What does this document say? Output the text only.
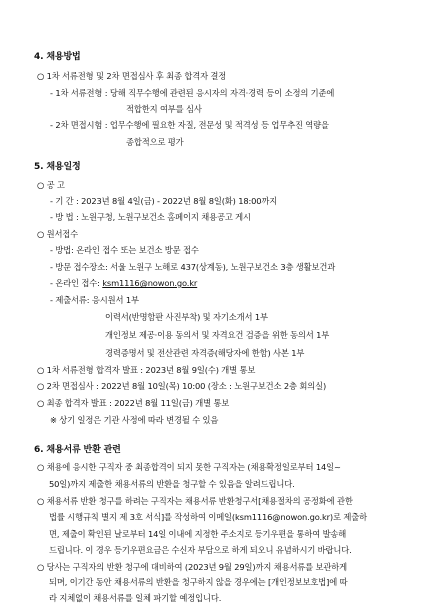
4. 채용방법
○ 1차 서류전형 및 2차 면접심사 후 최종 합격자 결정
- 1차 서류전형 : 당해 직무수행에 관련된 응시자의 자격·경력 등이 소정의 기준에
적합한지 여부를 심사
- 2차 면접시험 : 업무수행에 필요한 자질, 전문성 및 적격성 등 업무추진 역량을
종합적으로 평가
5. 채용일정
○ 공 고
- 기 간 : 2023년 8월 4일(금) - 2022년 8월 8일(화) 18:00까지
- 방 법 : 노원구청, 노원구보건소 홈페이지 채용공고 게시
○ 원서접수
- 방법: 온라인 접수 또는 보건소 방문 접수
- 방문 접수장소: 서울 노원구 노해로 437(상계동), 노원구보건소 3층 생활보건과
- 온라인 접수: ksm1116@nowon.go.kr
- 제출서류: 응시원서 1부
이력서(반명함판 사진부착) 및 자기소개서 1부
개인정보 제공·이용 동의서 및 자격요건 검증을 위한 동의서 1부
경력증명서 및 전산관련 자격증(해당자에 한함) 사본 1부
○ 1차 서류전형 합격자 발표 : 2023년 8월 9일(수) 개별 통보
○ 2차 면접심사 : 2022년 8월 10일(목) 10:00 (장소 : 노원구보건소 2층 회의실)
○ 최종 합격자 발표 : 2022년 8월 11일(금) 개별 통보
※ 상기 일정은 기관 사정에 따라 변경될 수 있음
6. 채용서류 반환 관련
○ 채용에 응시한 구직자 중 최종합격이 되지 못한 구직자는 (채용확정일로부터 14일~
50일)까지 제출한 채용서류의 반환을 청구할 수 있음을 알려드립니다.
○ 채용서류 반환 청구를 하려는 구직자는 채용서류 반환청구서[채용절차의 공정화에 관한
법률 시행규칙 별지 제 3호 서식]를 작성하여 이메일(ksm1116@nowon.go.kr)로 제출하
면, 제출이 확인된 날로부터 14일 이내에 지정한 주소지로 등기우편을 통하여 발송해
드립니다. 이 경우 등기우편요금은 수신자 부담으로 하게 되오니 유념하시기 바랍니다.
○ 당사는 구직자의 반환 청구에 대비하여 (2023년 9월 29일)까지 채용서류를 보관하게
되며, 이기간 동안 채용서류의 반환을 청구하지 않을 경우에는 [개인정보보호법]에 따
라 지체없이 채용서류를 일체 파기할 예정입니다.
